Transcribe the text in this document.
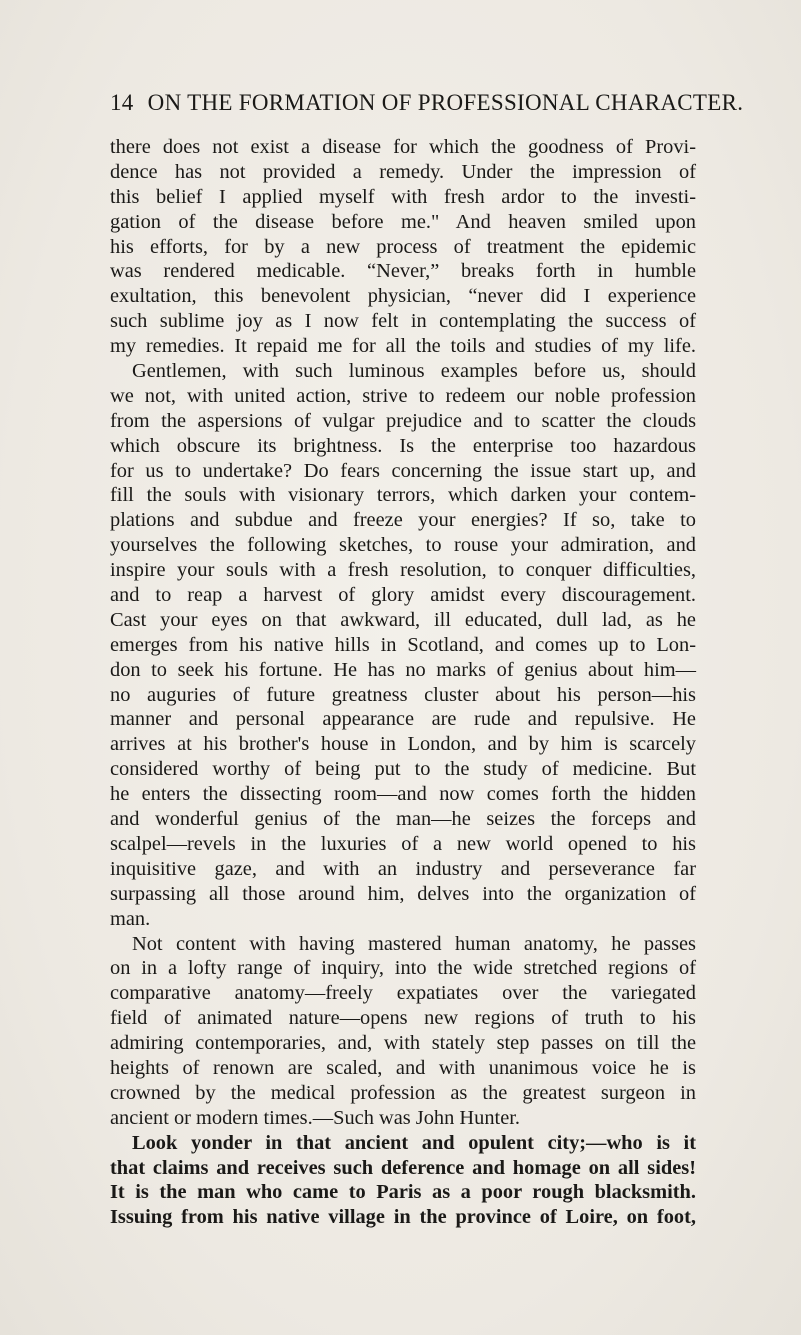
14 ON THE FORMATION OF PROFESSIONAL CHARACTER.
there does not exist a disease for which the goodness of Provi-
dence has not provided a remedy. Under the impression of
this belief I applied myself with fresh ardor to the investi-
gation of the disease before me." And heaven smiled upon
his efforts, for by a new process of treatment the epidemic
was rendered medicable. “Never,” breaks forth in humble
exultation, this benevolent physician, “never did I experience
such sublime joy as I now felt in contemplating the success of
my remedies. It repaid me for all the toils and studies of my life.
Gentlemen, with such luminous examples before us, should
we not, with united action, strive to redeem our noble profession
from the aspersions of vulgar prejudice and to scatter the clouds
which obscure its brightness. Is the enterprise too hazardous
for us to undertake? Do fears concerning the issue start up, and
fill the souls with visionary terrors, which darken your contem-
plations and subdue and freeze your energies? If so, take to
yourselves the following sketches, to rouse your admiration, and
inspire your souls with a fresh resolution, to conquer difficulties,
and to reap a harvest of glory amidst every discouragement.
Cast your eyes on that awkward, ill educated, dull lad, as he
emerges from his native hills in Scotland, and comes up to Lon-
don to seek his fortune. He has no marks of genius about him—
no auguries of future greatness cluster about his person—his
manner and personal appearance are rude and repulsive. He
arrives at his brother's house in London, and by him is scarcely
considered worthy of being put to the study of medicine. But
he enters the dissecting room—and now comes forth the hidden
and wonderful genius of the man—he seizes the forceps and
scalpel—revels in the luxuries of a new world opened to his
inquisitive gaze, and with an industry and perseverance far
surpassing all those around him, delves into the organization of
man.
Not content with having mastered human anatomy, he passes
on in a lofty range of inquiry, into the wide stretched regions of
comparative anatomy—freely expatiates over the variegated
field of animated nature—opens new regions of truth to his
admiring contemporaries, and, with stately step passes on till the
heights of renown are scaled, and with unanimous voice he is
crowned by the medical profession as the greatest surgeon in
ancient or modern times.—Such was John Hunter.
Look yonder in that ancient and opulent city;—who is it
that claims and receives such deference and homage on all sides!
It is the man who came to Paris as a poor rough blacksmith.
Issuing from his native village in the province of Loire, on foot,
